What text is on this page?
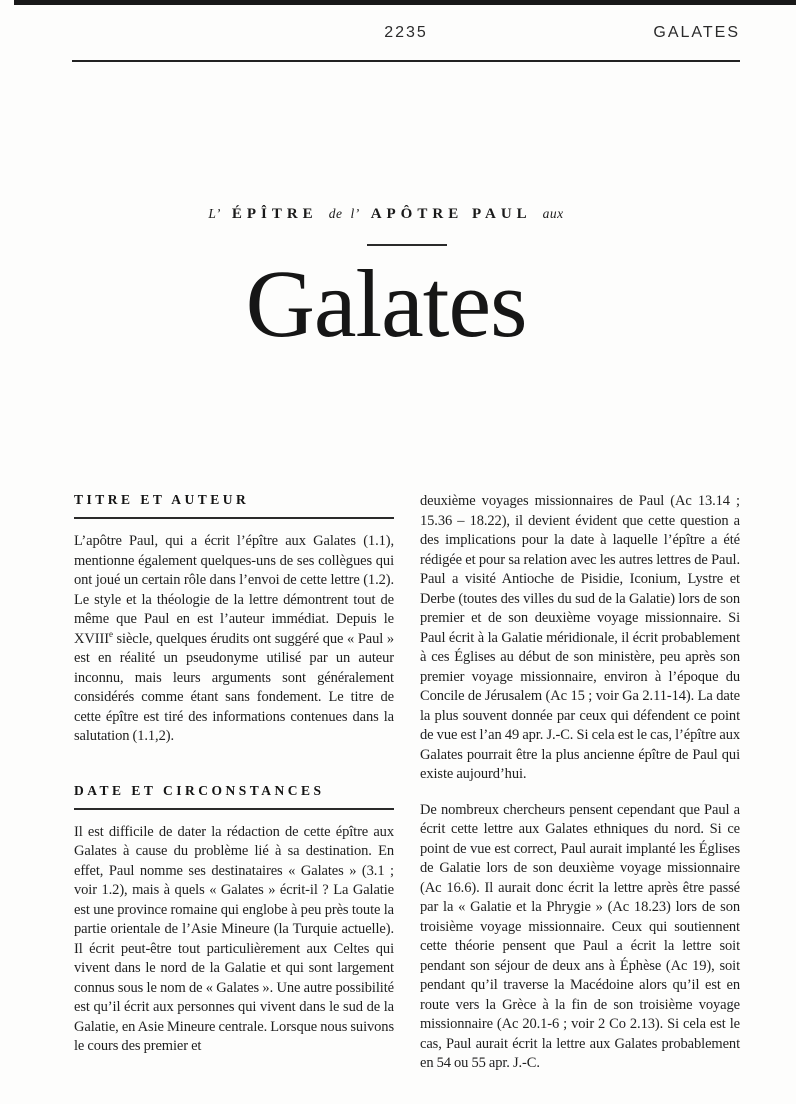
2235	GALATES
L’ ÉPÎTRE de l’ APÔTRE PAUL aux
Galates
TITRE ET AUTEUR

L’apôtre Paul, qui a écrit l’épître aux Galates (1.1), mentionne également quelques-uns de ses collègues qui ont joué un certain rôle dans l’envoi de cette lettre (1.2). Le style et la théologie de la lettre démontrent tout de même que Paul en est l’auteur immédiat. Depuis le XVIIIe siècle, quelques érudits ont suggéré que « Paul » est en réalité un pseudonyme utilisé par un auteur inconnu, mais leurs arguments sont généralement considérés comme étant sans fondement. Le titre de cette épître est tiré des informations contenues dans la salutation (1.1,2).

DATE ET CIRCONSTANCES

Il est difficile de dater la rédaction de cette épître aux Galates à cause du problème lié à sa destination. En effet, Paul nomme ses destinataires « Galates » (3.1 ; voir 1.2), mais à quels « Galates » écrit-il ? La Galatie est une province romaine qui englobe à peu près toute la partie orientale de l’Asie Mineure (la Turquie actuelle). Il écrit peut-être tout particulièrement aux Celtes qui vivent dans le nord de la Galatie et qui sont largement connus sous le nom de « Galates ». Une autre possibilité est qu’il écrit aux personnes qui vivent dans le sud de la Galatie, en Asie Mineure centrale. Lorsque nous suivons le cours des premier et

deuxième voyages missionnaires de Paul (Ac 13.14 ; 15.36 – 18.22), il devient évident que cette question a des implications pour la date à laquelle l’épître a été rédigée et pour sa relation avec les autres lettres de Paul. Paul a visité Antioche de Pisidie, Iconium, Lystre et Derbe (toutes des villes du sud de la Galatie) lors de son premier et de son deuxième voyage missionnaire. Si Paul écrit à la Galatie méridionale, il écrit probablement à ces Églises au début de son ministère, peu après son premier voyage missionnaire, environ à l’époque du Concile de Jérusalem (Ac 15 ; voir Ga 2.11-14). La date la plus souvent donnée par ceux qui défendent ce point de vue est l’an 49 apr. J.-C. Si cela est le cas, l’épître aux Galates pourrait être la plus ancienne épître de Paul qui existe aujourd’hui.

De nombreux chercheurs pensent cependant que Paul a écrit cette lettre aux Galates ethniques du nord. Si ce point de vue est correct, Paul aurait implanté les Églises de Galatie lors de son deuxième voyage missionnaire (Ac 16.6). Il aurait donc écrit la lettre après être passé par la « Galatie et la Phrygie » (Ac 18.23) lors de son troisième voyage missionnaire. Ceux qui soutiennent cette théorie pensent que Paul a écrit la lettre soit pendant son séjour de deux ans à Éphèse (Ac 19), soit pendant qu’il traverse la Macédoine alors qu’il est en route vers la Grèce à la fin de son troisième voyage missionnaire (Ac 20.1-6 ; voir 2 Co 2.13). Si cela est le cas, Paul aurait écrit la lettre aux Galates probablement en 54 ou 55 apr. J.-C.
